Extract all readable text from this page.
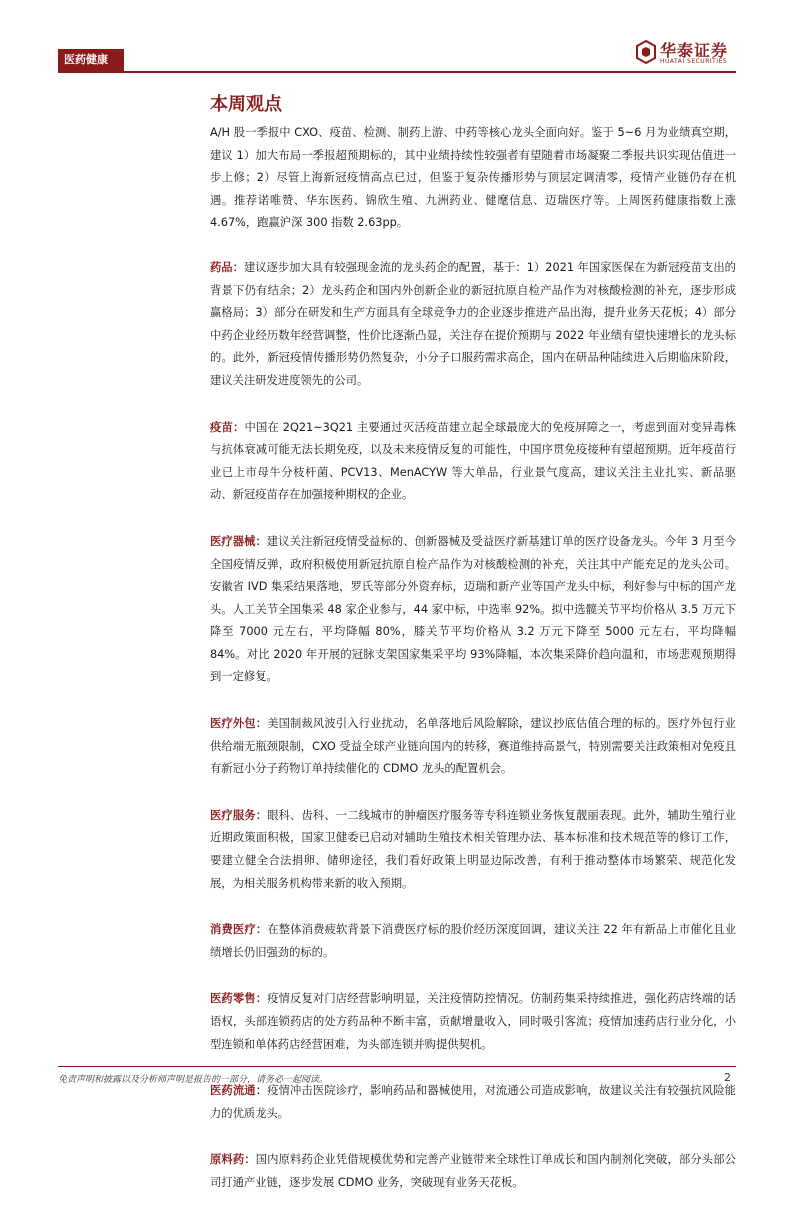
医药健康	华泰证券
HUATAI SECURITIES
本周观点

A/H 股一季报中 CXO、疫苗、检测、制药上游、中药等核心龙头全面向好。鉴于 5~6 月为业绩真空期，建议 1）加大布局一季报超预期标的，其中业绩持续性较强者有望随着市场凝聚二季报共识实现估值进一步上修；2）尽管上海新冠疫情高点已过，但鉴于复杂传播形势与顶层定调清零，疫情产业链仍存在机遇。推荐诺唯赞、华东医药、锦欣生殖、九洲药业、健麾信息、迈瑞医疗等。上周医药健康指数上涨 4.67%，跑赢沪深 300 指数 2.63pp。

药品：建议逐步加大具有较强现金流的龙头药企的配置，基于：1）2021 年国家医保在为新冠疫苗支出的背景下仍有结余；2）龙头药企和国内外创新企业的新冠抗原自检产品作为对核酸检测的补充，逐步形成赢格局；3）部分在研发和生产方面具有全球竞争力的企业逐步推进产品出海，提升业务天花板；4）部分中药企业经历数年经营调整，性价比逐渐凸显，关注存在提价预期与 2022 年业绩有望快速增长的龙头标的。此外，新冠疫情传播形势仍然复杂，小分子口服药需求高企，国内在研品种陆续进入后期临床阶段，建议关注研发进度领先的公司。

疫苗：中国在 2Q21~3Q21 主要通过灭活疫苗建立起全球最庞大的免疫屏障之一，考虑到面对变异毒株与抗体衰减可能无法长期免疫，以及未来疫情反复的可能性，中国序贯免疫接种有望超预期。近年疫苗行业已上市母牛分枝杆菌、PCV13、MenACYW 等大单品，行业景气度高，建议关注主业扎实、新品驱动、新冠疫苗存在加强接种期权的企业。

医疗器械：建议关注新冠疫情受益标的、创新器械及受益医疗新基建订单的医疗设备龙头。今年 3 月至今全国疫情反弹，政府积极使用新冠抗原自检产品作为对核酸检测的补充，关注其中产能充足的龙头公司。安徽省 IVD 集采结果落地，罗氏等部分外资弃标，迈瑞和新产业等国产龙头中标，利好参与中标的国产龙头。人工关节全国集采 48 家企业参与，44 家中标，中选率 92%。拟中选髋关节平均价格从 3.5 万元下降至 7000 元左右，平均降幅 80%，膝关节平均价格从 3.2 万元下降至 5000 元左右，平均降幅 84%。对比 2020 年开展的冠脉支架国家集采平均 93%降幅，本次集采降价趋向温和，市场悲观预期得到一定修复。

医疗外包：美国制裁风波引入行业扰动，名单落地后风险解除，建议抄底估值合理的标的。医疗外包行业供给端无瓶颈限制，CXO 受益全球产业链向国内的转移，赛道维持高景气，特别需要关注政策相对免疫且有新冠小分子药物订单持续催化的 CDMO 龙头的配置机会。

医疗服务：眼科、齿科、一二线城市的肿瘤医疗服务等专科连锁业务恢复靓丽表现。此外，辅助生殖行业近期政策面积极，国家卫健委已启动对辅助生殖技术相关管理办法、基本标准和技术规范等的修订工作，要建立健全合法捐卵、储卵途径，我们看好政策上明显边际改善，有利于推动整体市场繁荣、规范化发展，为相关服务机构带来新的收入预期。

消费医疗：在整体消费疲软背景下消费医疗标的股价经历深度回调，建议关注 22 年有新品上市催化且业绩增长仍旧强劲的标的。

医药零售：疫情反复对门店经营影响明显，关注疫情防控情况。仿制药集采持续推进，强化药店终端的话语权，头部连锁药店的处方药品种不断丰富，贡献增量收入，同时吸引客流；疫情加速药店行业分化，小型连锁和单体药店经营困难，为头部连锁并购提供契机。

医药流通：疫情冲击医院诊疗，影响药品和器械使用，对流通公司造成影响，故建议关注有较强抗风险能力的优质龙头。

原料药：国内原料药企业凭借规模优势和完善产业链带来全球性订单成长和国内制剂化突破，部分头部公司打通产业链，逐步发展 CDMO 业务，突破现有业务天花板。

免责声明和披露以及分析师声明是报告的一部分，请务必一起阅读。	2
